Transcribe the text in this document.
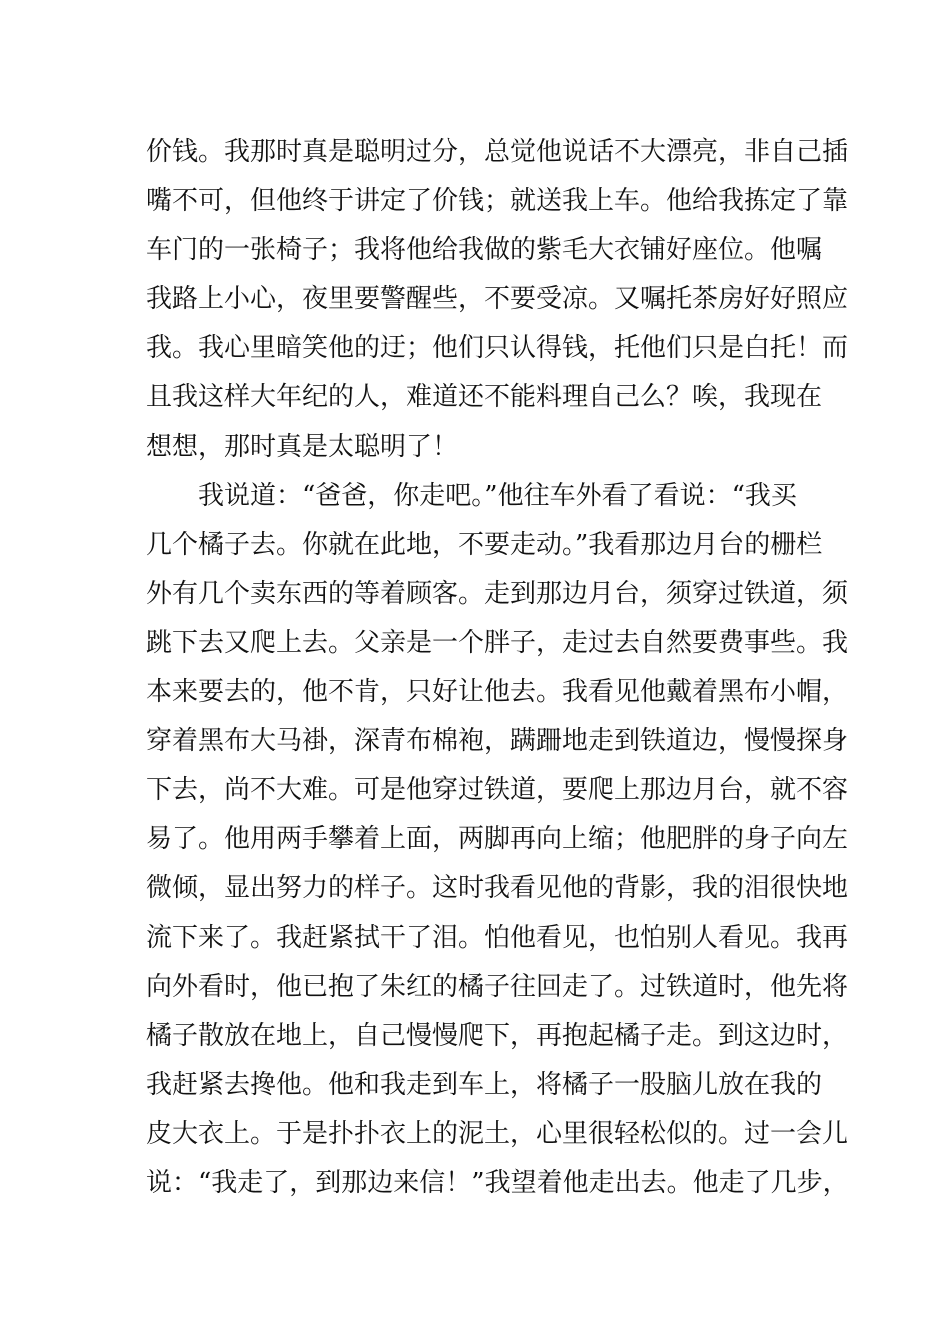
价钱。我那时真是聪明过分，总觉他说话不大漂亮，非自己插
嘴不可，但他终于讲定了价钱；就送我上车。他给我拣定了靠
车门的一张椅子；我将他给我做的紫毛大衣铺好座位。他嘱
我路上小心，夜里要警醒些，不要受凉。又嘱托茶房好好照应
我。我心里暗笑他的迂；他们只认得钱，托他们只是白托！而
且我这样大年纪的人，难道还不能料理自己么？唉，我现在
想想，那时真是太聪明了！
我说道：“爸爸，你走吧。”他往车外看了看说：“我买
几个橘子去。你就在此地，不要走动。”我看那边月台的栅栏
外有几个卖东西的等着顾客。走到那边月台，须穿过铁道，须
跳下去又爬上去。父亲是一个胖子，走过去自然要费事些。我
本来要去的，他不肯，只好让他去。我看见他戴着黑布小帽，
穿着黑布大马褂，深青布棉袍，蹒跚地走到铁道边，慢慢探身
下去，尚不大难。可是他穿过铁道，要爬上那边月台，就不容
易了。他用两手攀着上面，两脚再向上缩；他肥胖的身子向左
微倾，显出努力的样子。这时我看见他的背影，我的泪很快地
流下来了。我赶紧拭干了泪。怕他看见，也怕别人看见。我再
向外看时，他已抱了朱红的橘子往回走了。过铁道时，他先将
橘子散放在地上，自己慢慢爬下，再抱起橘子走。到这边时，
我赶紧去搀他。他和我走到车上，将橘子一股脑儿放在我的
皮大衣上。于是扑扑衣上的泥土，心里很轻松似的。过一会儿
说：“我走了，到那边来信！”我望着他走出去。他走了几步，
